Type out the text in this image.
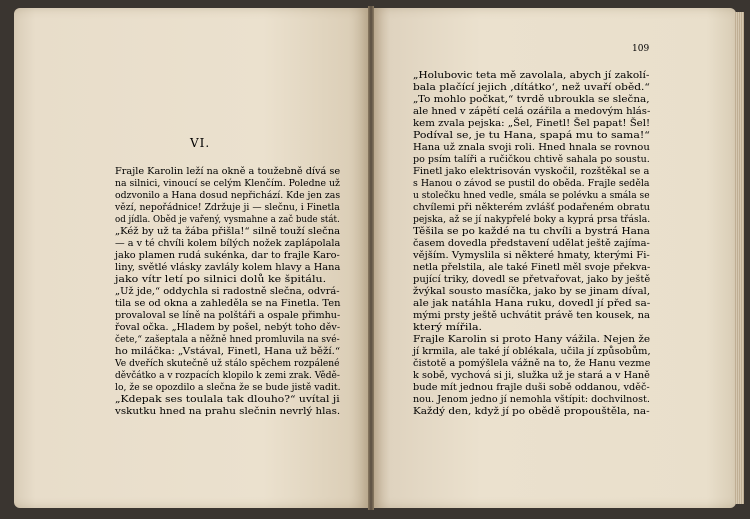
VI.
109
Frajle Karolin leží na okně a toužebně dívá se
na silnici, vinoucí se celým Klenčím. Poledne už
odzvonilo a Hana dosud nepřichází. Kde jen zas
vězí, nepořádnice! Zdržuje ji — slečnu, i Finetla
od jídla. Oběd je vařený, vysmahne a zač bude stát.
„Kéž by už ta žába přišla!“ silně touží slečna
— a v té chvíli kolem bílých nožek zaplápolala
jako plamen rudá sukénka, dar to frajle Karo-
liny, světlé vlásky zavlály kolem hlavy a Hana
jako vítr letí po silnici dolů ke špitálu.
„Už jde,“ oddychla si radostně slečna, odvrá-
tila se od okna a zahleděla se na Finetla. Ten
provaloval se líně na polštáři a ospale přimhu-
řoval očka. „Hladem by pošel, nebýt toho děv-
čete,“ zašeptala a něžně hned promluvila na své-
ho miláčka: „Vstával, Finetl, Hana už běží.“
Ve dveřích skutečně už stálo spěchem rozpálené
děvčátko a v rozpacích klopilo k zemi zrak. Vědě-
lo, že se opozdilo a slečna že se bude jistě vadit.
„Kdepak ses toulala tak dlouho?“ uvítal ji
vskutku hned na prahu slečnin nevrlý hlas.
„Holubovic teta mě zavolala, abych jí zakolí-
bala plačící jejich ‚dítátko‘, než uvaří oběd.“
„To mohlo počkat,“ tvrdě ubroukla se slečna,
ale hned v zápětí celá ozářila a medovým hlás-
kem zvala pejska: „Šel, Finetl! Šel papat! Šel!
Podíval se, je tu Hana, spapá mu to sama!“
Hana už znala svoji roli. Hned hnala se rovnou
po psím talíři a ručičkou chtivě sahala po soustu.
Finetl jako elektrisován vyskočil, rozštěkal se a
s Hanou o závod se pustil do oběda. Frajle seděla
u stolečku hned vedle, smála se polévku a smála se
chvílemi při některém zvlášť podařeném obratu
pejska, až se jí nakypřelé boky a kyprá prsa třásla.
Těšila se po každé na tu chvíli a bystrá Hana
časem dovedla představení udělat ještě zajíma-
vějším. Vymyslila si některé hmaty, kterými Fi-
netla přelstila, ale také Finetl měl svoje překva-
pující triky, dovedl se přetvařovat, jako by ještě
žvýkal sousto masíčka, jako by se jinam díval,
ale jak natáhla Hana ruku, dovedl jí před sa-
mými prsty ještě uchvátit právě ten kousek, na
který mířila.
Frajle Karolin si proto Hany vážila. Nejen že
jí krmila, ale také jí oblékala, učila jí způsobům,
čistotě a pomýšlela vážně na to, že Hanu vezme
k sobě, vychová si ji, služka už je stará a v Haně
bude mít jednou frajle duši sobě oddanou, vděč-
nou. Jenom jedno jí nemohla vštípit: dochvilnost.
Každý den, když jí po obědě propouštěla, na-
